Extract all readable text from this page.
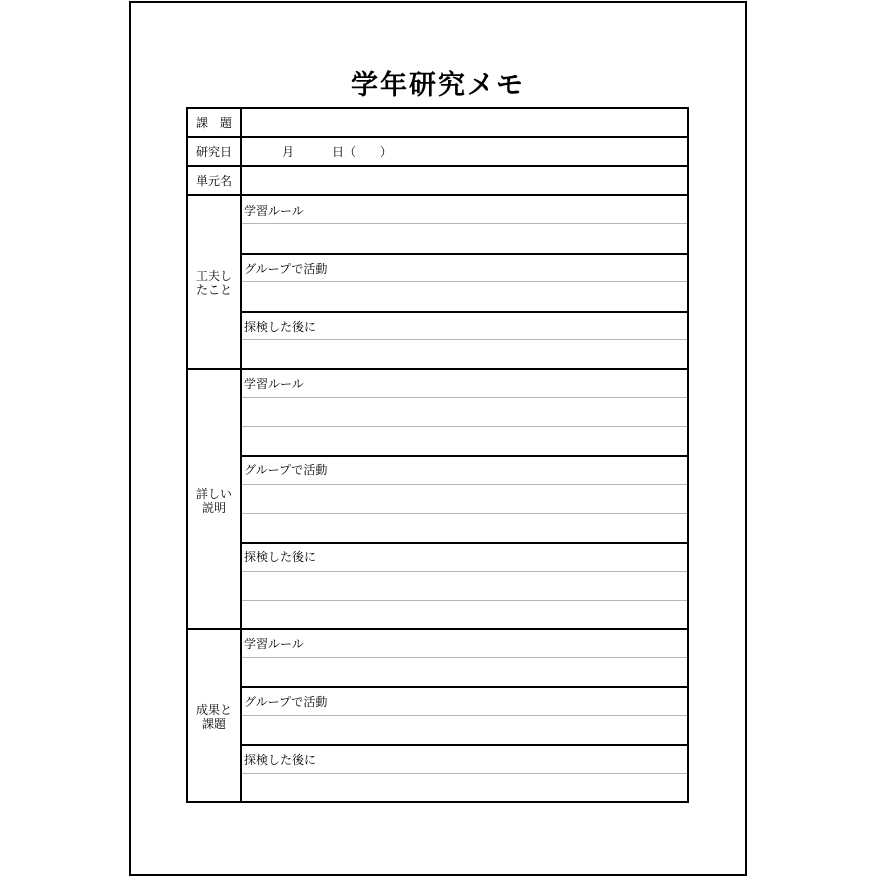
学年研究メモ
課　題
研究日
単元名
月	日（　　）
工夫し
たこと
学習ルール
グループで活動
探検した後に
詳しい
説明
学習ルール
グループで活動
探検した後に
成果と
課題
学習ルール
グループで活動
探検した後に
